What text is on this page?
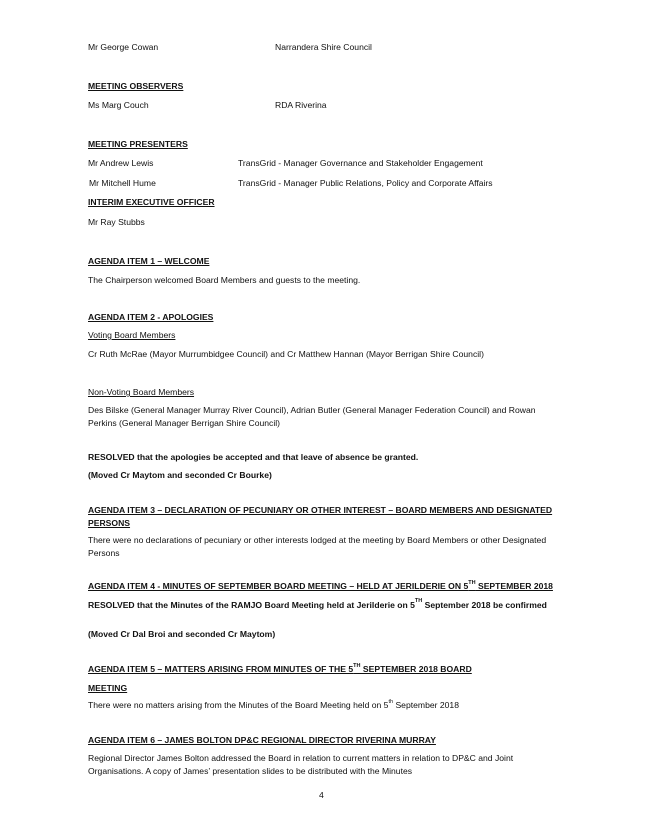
Mr George Cowan	Narrandera Shire Council
MEETING OBSERVERS
Ms Marg Couch	RDA Riverina
MEETING PRESENTERS
Mr Andrew Lewis	TransGrid - Manager Governance and Stakeholder Engagement
Mr Mitchell Hume	TransGrid - Manager Public Relations, Policy and Corporate Affairs
INTERIM EXECUTIVE OFFICER
Mr Ray Stubbs
AGENDA ITEM 1 – WELCOME
The Chairperson welcomed Board Members and guests to the meeting.
AGENDA ITEM 2 - APOLOGIES
Voting Board Members
Cr Ruth McRae (Mayor Murrumbidgee Council) and Cr Matthew Hannan (Mayor Berrigan Shire Council)
Non-Voting Board Members
Des Bilske (General Manager Murray River Council), Adrian Butler (General Manager Federation Council) and Rowan Perkins (General Manager Berrigan Shire Council)
RESOLVED that the apologies be accepted and that leave of absence be granted.
(Moved Cr Maytom and seconded Cr Bourke)
AGENDA ITEM 3 – DECLARATION OF PECUNIARY OR OTHER INTEREST – BOARD MEMBERS AND DESIGNATED PERSONS
There were no declarations of pecuniary or other interests lodged at the meeting by Board Members or other Designated Persons
AGENDA ITEM 4 - MINUTES OF SEPTEMBER BOARD MEETING – HELD AT JERILDERIE ON 5TH SEPTEMBER 2018
RESOLVED that the Minutes of the RAMJO Board Meeting held at Jerilderie on 5TH September 2018 be confirmed
(Moved Cr Dal Broi and seconded Cr Maytom)
AGENDA ITEM 5 – MATTERS ARISING FROM MINUTES OF THE 5TH SEPTEMBER 2018 BOARD
MEETING
There were no matters arising from the Minutes of the Board Meeting held on 5th September 2018
AGENDA ITEM 6 – JAMES BOLTON DP&C REGIONAL DIRECTOR RIVERINA MURRAY
Regional Director James Bolton addressed the Board in relation to current matters in relation to DP&C and Joint Organisations. A copy of James’ presentation slides to be distributed with the Minutes
4
